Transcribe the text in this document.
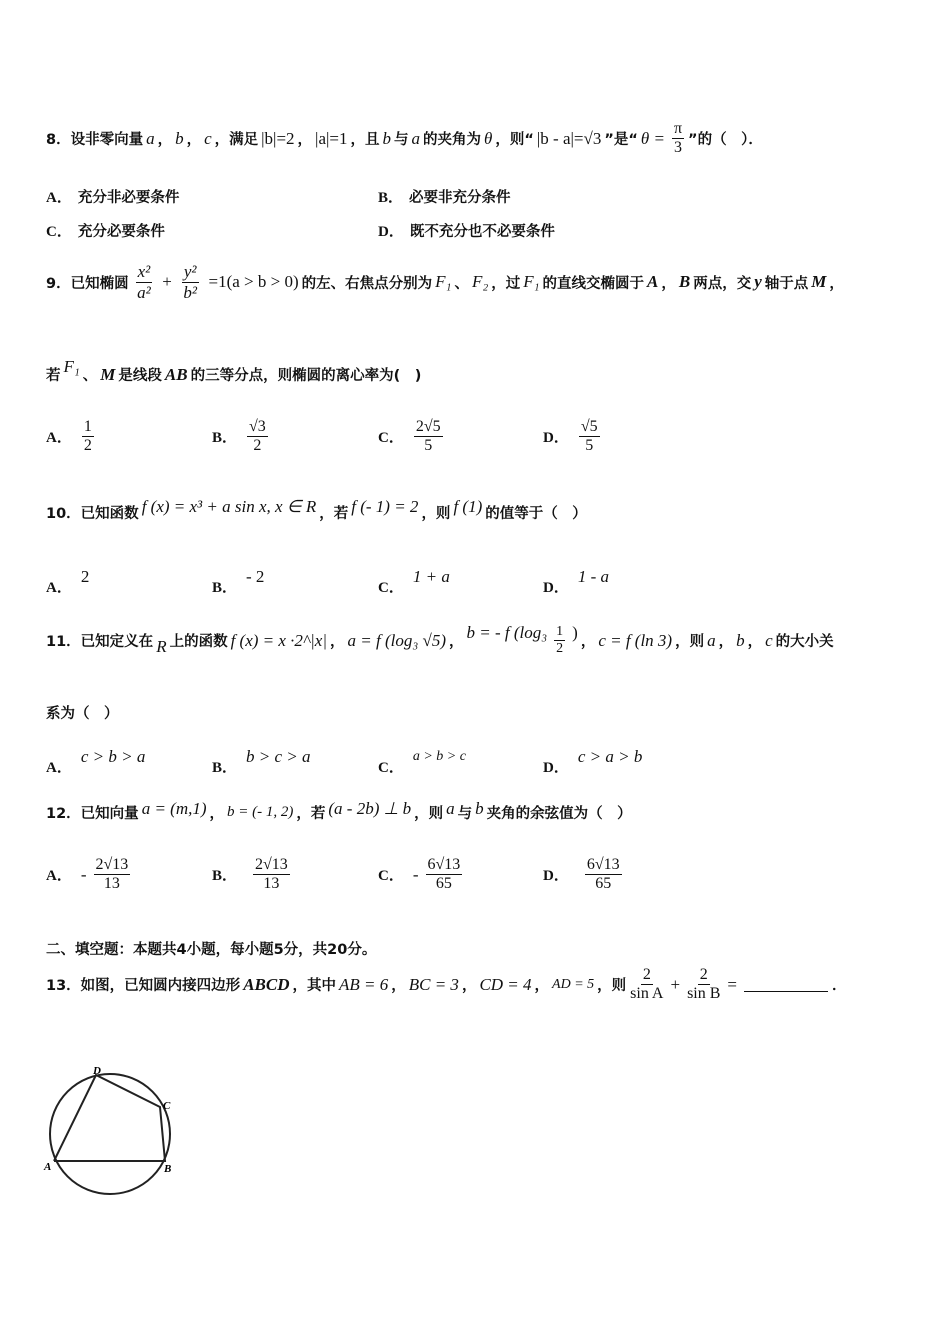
8．设非零向量 a ， b ， c ，满足 |b|=2 ， |a|=1 ，且 b 与 a 的夹角为 θ ，则“ |b - a|=√3 ”是“ $\theta = \frac{\pi}{3}$ ”的（　）．
A． 充分非必要条件	B． 必要非充分条件
C． 充分必要条件	D． 既不充分也不必要条件
9．已知椭圆 $\frac{\text{x²}}{\text{a²}} + \frac{\text{y²}}{\text{b²}} =1(a > b > 0)$ 的左、右焦点分别为 F₁ 、 F₂ ，过 F₁ 的直线交椭圆于 A ， B 两点，交 y 轴于点 M ，
若
F₁
、 M 是线段 AB 的三等分点，则椭圆的离心率为(　)
A． $\frac{1}{2}$	B． $\frac{√3}{2}$	C． $\frac{2√5}{5}$	D． $\frac{√5}{5}$
10．已知函数 f (x) = x³ + a sin x, x ∈ R ，若 f (- 1) = 2 ，则 f (1) 的值等于（　）
A．
2
B．
- 2
C．
1 + a
D．
1 - a
11．已知定义在 R 上的函数 f (x) = x ·2^|x| ， a = f (log₃ √5) ，
b = - f ($\log_3 \frac{1}{2}$ )
， c = f (ln 3) ，则 a ， b ， c 的大小关
系为（　）
A．
c > b > a
B．
b > c > a
C．
a > b > c
D．
c > a > b
12．已知向量 a = (m,1) ， b = (- 1, 2) ，若 (a - 2b) ⊥ b ，则 a 与 b 夹角的余弦值为（　）
A． - $\frac{2√13}{13}$	B． $\frac{2√13}{13}$	C． - $\frac{6√13}{65}$	D． $\frac{6√13}{65}$
二、填空题：本题共4小题，每小题5分，共20分。
13．如图，已知圆内接四边形 ABCD ，其中 AB = 6 ， BC = 3 ， CD = 4 ， AD = 5 ，则 $\frac{2}{\text{sin A}} + \frac{2}{\text{sin B}}$ =	．
A	B
C
D
